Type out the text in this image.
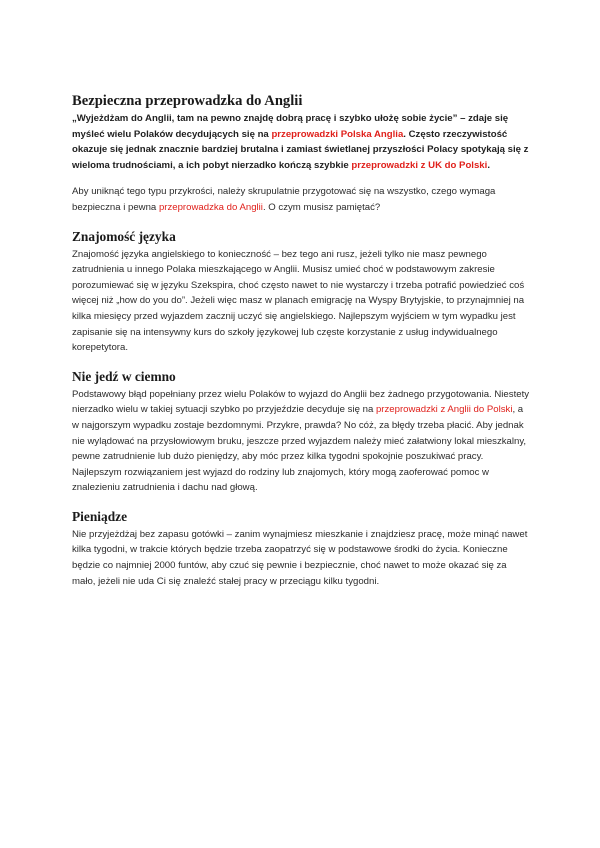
Bezpieczna przeprowadzka do Anglii

„Wyjeżdżam do Anglii, tam na pewno znajdę dobrą pracę i szybko ułożę sobie życie” – zdaje się myśleć wielu Polaków decydujących się na przeprowadzki Polska Anglia. Często rzeczywistość okazuje się jednak znacznie bardziej brutalna i zamiast świetlanej przyszłości Polacy spotykają się z wieloma trudnościami, a ich pobyt nierzadko kończą szybkie przeprowadzki z UK do Polski.

Aby uniknąć tego typu przykrości, należy skrupulatnie przygotować się na wszystko, czego wymaga bezpieczna i pewna przeprowadzka do Anglii. O czym musisz pamiętać?

Znajomość języka

Znajomość języka angielskiego to konieczność – bez tego ani rusz, jeżeli tylko nie masz pewnego zatrudnienia u innego Polaka mieszkającego w Anglii. Musisz umieć choć w podstawowym zakresie porozumiewać się w języku Szekspira, choć często nawet to nie wystarczy i trzeba potrafić powiedzieć coś więcej niż „how do you do”. Jeżeli więc masz w planach emigrację na Wyspy Brytyjskie, to przynajmniej na kilka miesięcy przed wyjazdem zacznij uczyć się angielskiego. Najlepszym wyjściem w tym wypadku jest zapisanie się na intensywny kurs do szkoły językowej lub częste korzystanie z usług indywidualnego korepetytora.

Nie jedź w ciemno

Podstawowy błąd popełniany przez wielu Polaków to wyjazd do Anglii bez żadnego przygotowania. Niestety nierzadko wielu w takiej sytuacji szybko po przyjeździe decyduje się na przeprowadzki z Anglii do Polski, a w najgorszym wypadku zostaje bezdomnymi. Przykre, prawda? No cóż, za błędy trzeba płacić. Aby jednak nie wylądować na przysłowiowym bruku, jeszcze przed wyjazdem należy mieć załatwiony lokal mieszkalny, pewne zatrudnienie lub dużo pieniędzy, aby móc przez kilka tygodni spokojnie poszukiwać pracy. Najlepszym rozwiązaniem jest wyjazd do rodziny lub znajomych, który mogą zaoferować pomoc w znalezieniu zatrudnienia i dachu nad głową.

Pieniądze

Nie przyjeżdżaj bez zapasu gotówki – zanim wynajmiesz mieszkanie i znajdziesz pracę, może minąć nawet kilka tygodni, w trakcie których będzie trzeba zaopatrzyć się w podstawowe środki do życia. Konieczne będzie co najmniej 2000 funtów, aby czuć się pewnie i bezpiecznie, choć nawet to może okazać się za mało, jeżeli nie uda Ci się znaleźć stałej pracy w przeciągu kilku tygodni.
